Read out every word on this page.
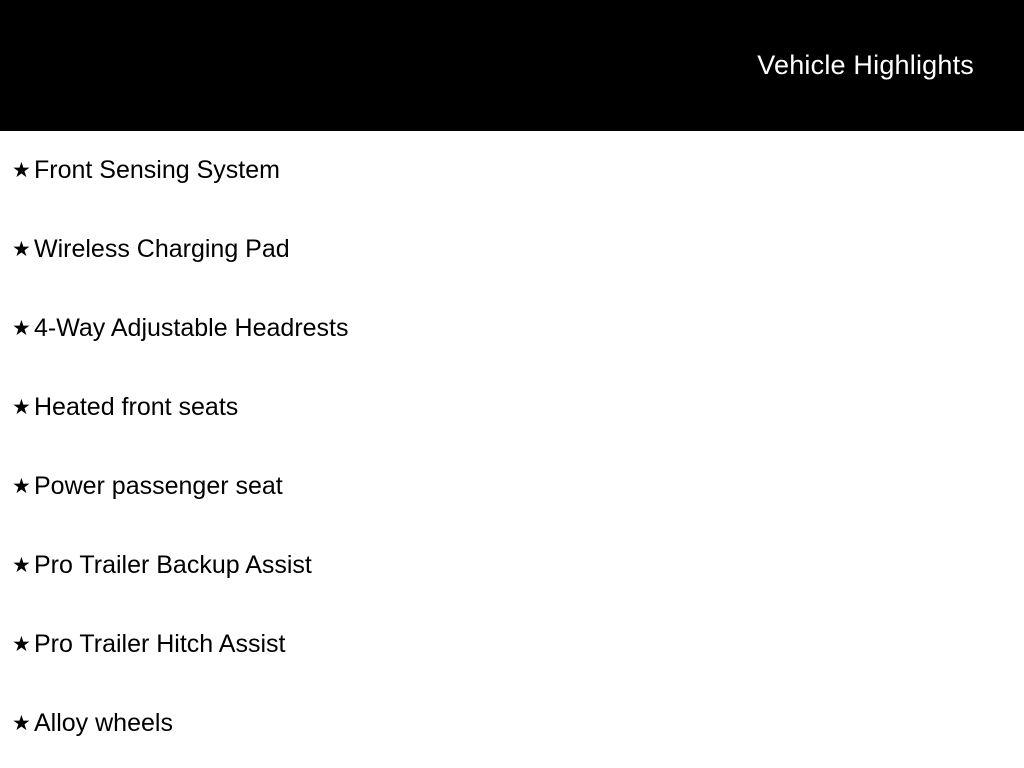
Vehicle Highlights
★ Front Sensing System
★ Wireless Charging Pad
★ 4-Way Adjustable Headrests
★ Heated front seats
★ Power passenger seat
★ Pro Trailer Backup Assist
★ Pro Trailer Hitch Assist
★ Alloy wheels
